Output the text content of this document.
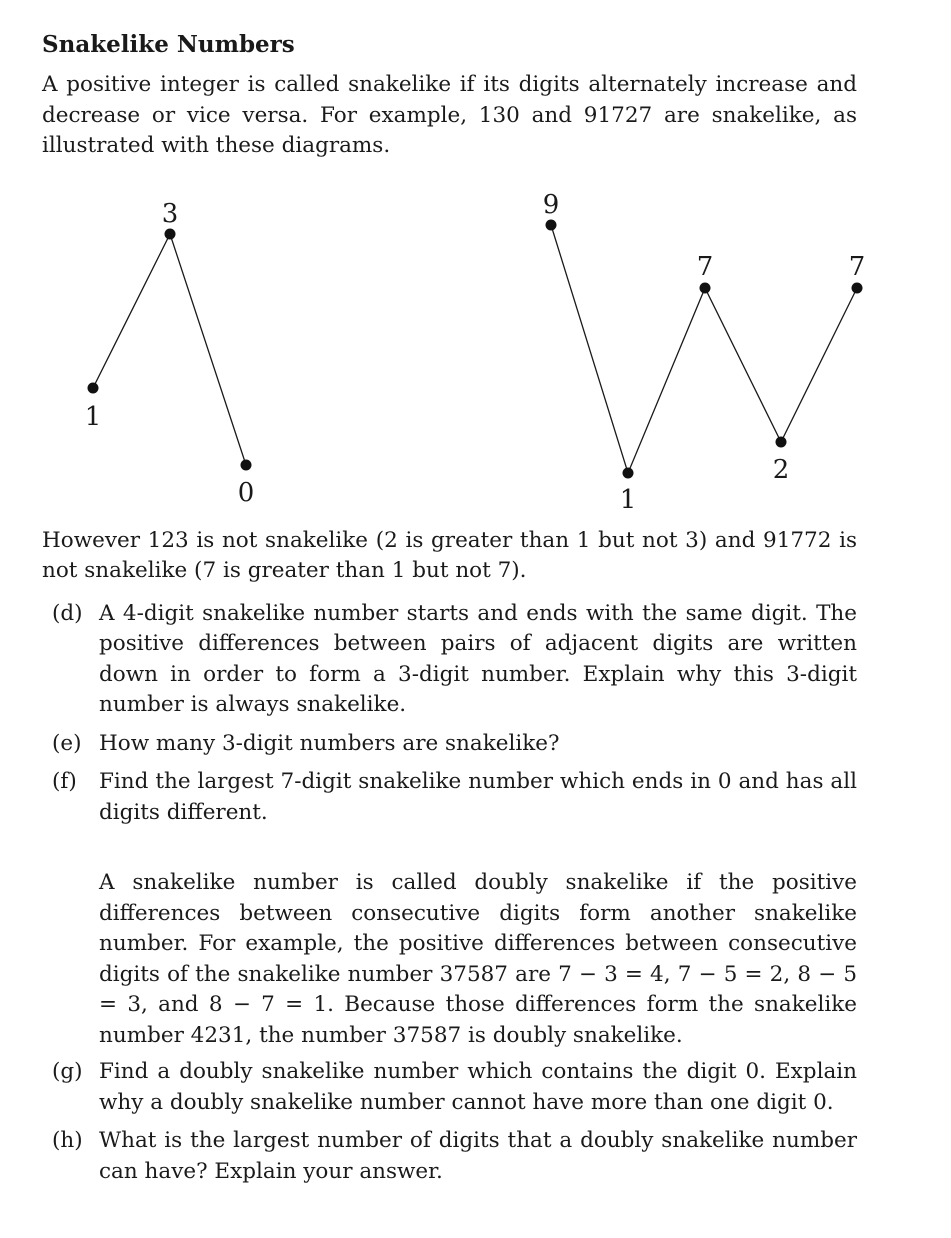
Snakelike Numbers

A positive integer is called snakelike if its digits alternately increase and decrease or vice versa. For example, 130 and 91727 are snakelike, as illustrated with these diagrams.

1
3
0
9
1
7
2
7

However 123 is not snakelike (2 is greater than 1 but not 3) and 91772 is not snakelike (7 is greater than 1 but not 7).

(d) A 4-digit snakelike number starts and ends with the same digit. The positive differences between pairs of adjacent digits are written down in order to form a 3-digit number. Explain why this 3-digit number is always snakelike.
(e) How many 3-digit numbers are snakelike?
(f) Find the largest 7-digit snakelike number which ends in 0 and has all digits different.
A snakelike number is called doubly snakelike if the positive differences between consecutive digits form another snakelike number. For example, the positive differences between consecutive digits of the snakelike number 37587 are 7 − 3 = 4, 7 − 5 = 2, 8 − 5 = 3, and 8 − 7 = 1. Because those differences form the snakelike number 4231, the number 37587 is doubly snakelike.
(g) Find a doubly snakelike number which contains the digit 0. Explain why a doubly snakelike number cannot have more than one digit 0.
(h) What is the largest number of digits that a doubly snakelike number can have? Explain your answer.
